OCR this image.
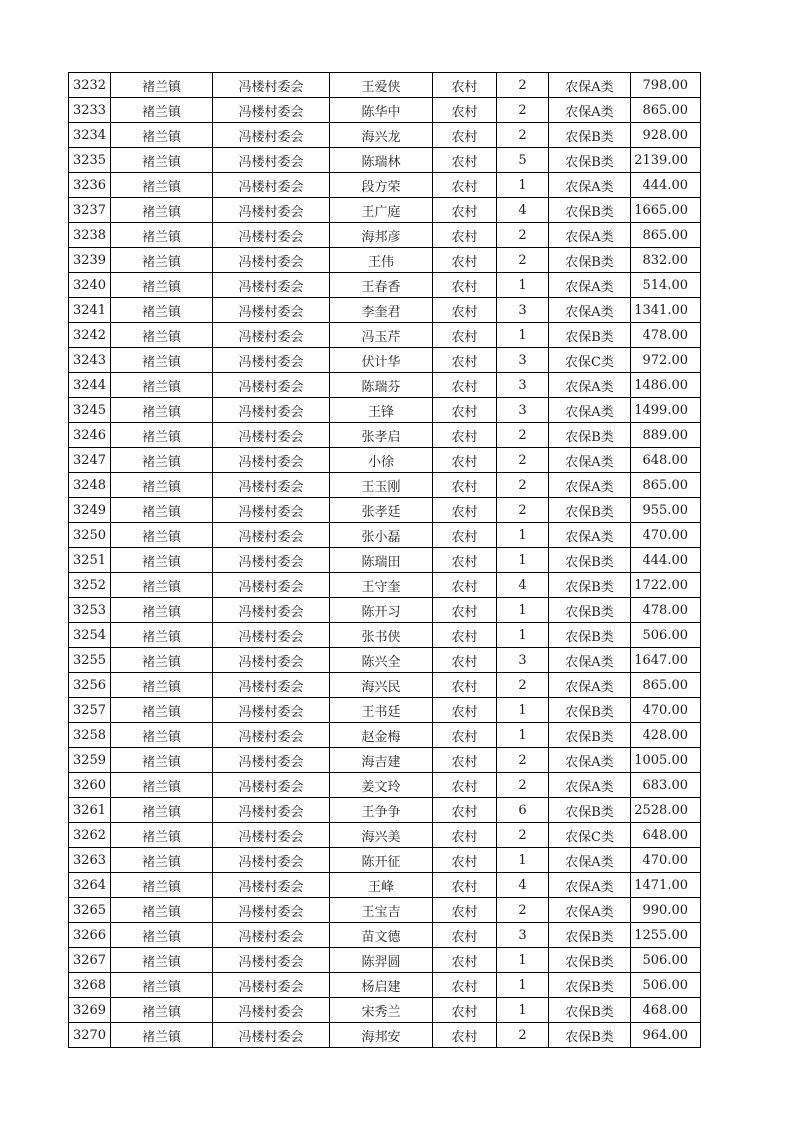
3232	褚兰镇	冯楼村委会	王爱侠	农村	2	农保A类	798.00
3233	褚兰镇	冯楼村委会	陈华中	农村	2	农保A类	865.00
3234	褚兰镇	冯楼村委会	海兴龙	农村	2	农保B类	928.00
3235	褚兰镇	冯楼村委会	陈瑞林	农村	5	农保B类	2139.00
3236	褚兰镇	冯楼村委会	段方荣	农村	1	农保A类	444.00
3237	褚兰镇	冯楼村委会	王广庭	农村	4	农保B类	1665.00
3238	褚兰镇	冯楼村委会	海邦彦	农村	2	农保A类	865.00
3239	褚兰镇	冯楼村委会	王伟	农村	2	农保B类	832.00
3240	褚兰镇	冯楼村委会	王春香	农村	1	农保A类	514.00
3241	褚兰镇	冯楼村委会	李奎君	农村	3	农保A类	1341.00
3242	褚兰镇	冯楼村委会	冯玉芹	农村	1	农保B类	478.00
3243	褚兰镇	冯楼村委会	伏计华	农村	3	农保C类	972.00
3244	褚兰镇	冯楼村委会	陈瑞芬	农村	3	农保A类	1486.00
3245	褚兰镇	冯楼村委会	王锋	农村	3	农保A类	1499.00
3246	褚兰镇	冯楼村委会	张孝启	农村	2	农保B类	889.00
3247	褚兰镇	冯楼村委会	小徐	农村	2	农保A类	648.00
3248	褚兰镇	冯楼村委会	王玉刚	农村	2	农保A类	865.00
3249	褚兰镇	冯楼村委会	张孝廷	农村	2	农保B类	955.00
3250	褚兰镇	冯楼村委会	张小磊	农村	1	农保A类	470.00
3251	褚兰镇	冯楼村委会	陈瑞田	农村	1	农保B类	444.00
3252	褚兰镇	冯楼村委会	王守奎	农村	4	农保B类	1722.00
3253	褚兰镇	冯楼村委会	陈开习	农村	1	农保B类	478.00
3254	褚兰镇	冯楼村委会	张书侠	农村	1	农保B类	506.00
3255	褚兰镇	冯楼村委会	陈兴全	农村	3	农保A类	1647.00
3256	褚兰镇	冯楼村委会	海兴民	农村	2	农保A类	865.00
3257	褚兰镇	冯楼村委会	王书廷	农村	1	农保B类	470.00
3258	褚兰镇	冯楼村委会	赵金梅	农村	1	农保B类	428.00
3259	褚兰镇	冯楼村委会	海吉建	农村	2	农保A类	1005.00
3260	褚兰镇	冯楼村委会	姜文玲	农村	2	农保A类	683.00
3261	褚兰镇	冯楼村委会	王争争	农村	6	农保B类	2528.00
3262	褚兰镇	冯楼村委会	海兴美	农村	2	农保C类	648.00
3263	褚兰镇	冯楼村委会	陈开征	农村	1	农保A类	470.00
3264	褚兰镇	冯楼村委会	王峰	农村	4	农保A类	1471.00
3265	褚兰镇	冯楼村委会	王宝吉	农村	2	农保A类	990.00
3266	褚兰镇	冯楼村委会	苗文德	农村	3	农保B类	1255.00
3267	褚兰镇	冯楼村委会	陈羿圆	农村	1	农保B类	506.00
3268	褚兰镇	冯楼村委会	杨启建	农村	1	农保B类	506.00
3269	褚兰镇	冯楼村委会	宋秀兰	农村	1	农保B类	468.00
3270	褚兰镇	冯楼村委会	海邦安	农村	2	农保B类	964.00
